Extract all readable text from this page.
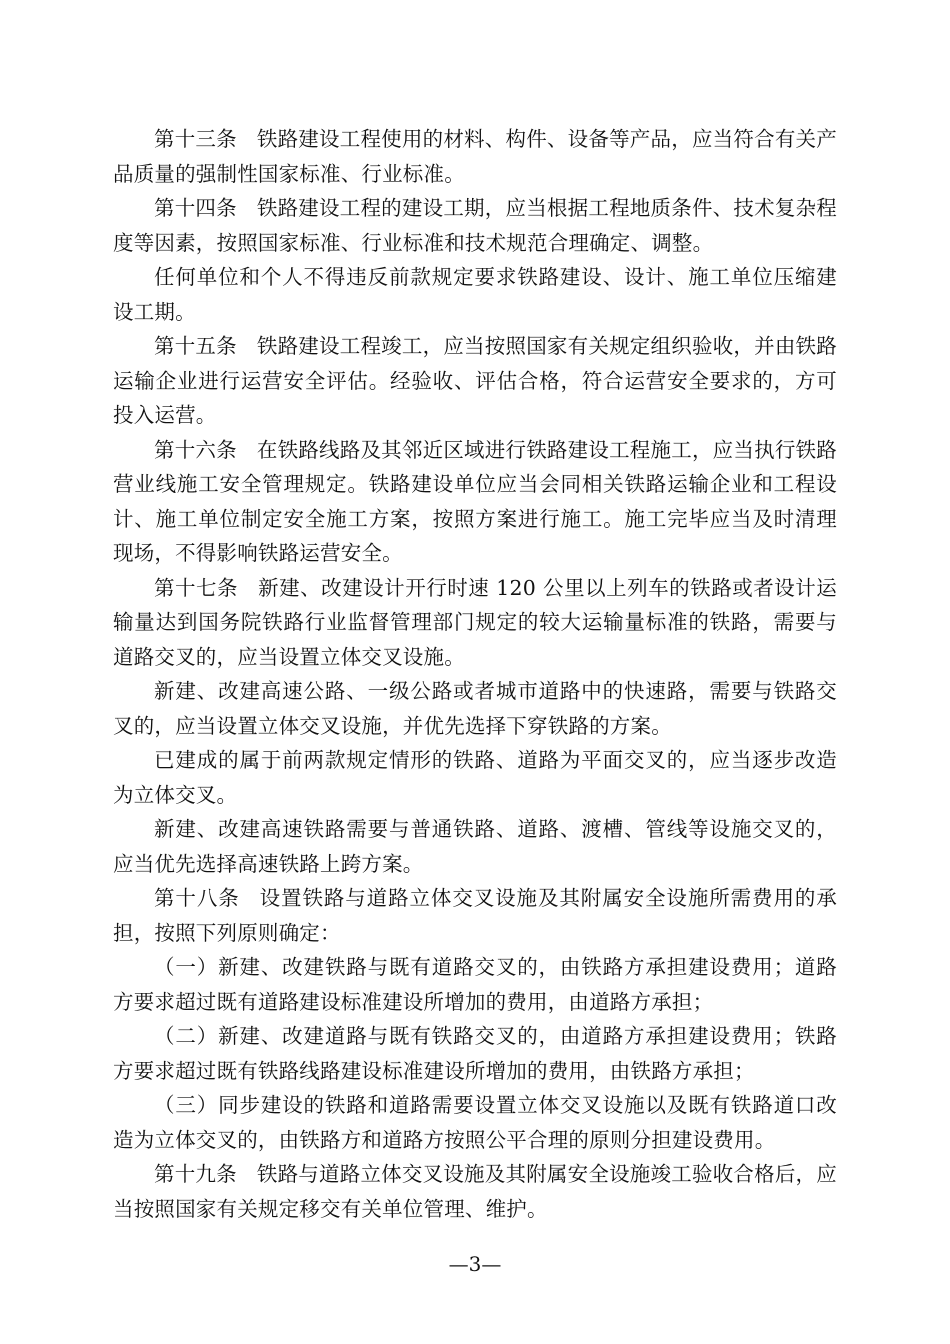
第十三条 铁路建设工程使用的材料、构件、设备等产品，应当符合有关产品质量的强制性国家标准、行业标准。

第十四条 铁路建设工程的建设工期，应当根据工程地质条件、技术复杂程度等因素，按照国家标准、行业标准和技术规范合理确定、调整。

任何单位和个人不得违反前款规定要求铁路建设、设计、施工单位压缩建设工期。

第十五条 铁路建设工程竣工，应当按照国家有关规定组织验收，并由铁路运输企业进行运营安全评估。经验收、评估合格，符合运营安全要求的，方可投入运营。

第十六条 在铁路线路及其邻近区域进行铁路建设工程施工，应当执行铁路营业线施工安全管理规定。铁路建设单位应当会同相关铁路运输企业和工程设计、施工单位制定安全施工方案，按照方案进行施工。施工完毕应当及时清理现场，不得影响铁路运营安全。

第十七条 新建、改建设计开行时速 120 公里以上列车的铁路或者设计运输量达到国务院铁路行业监督管理部门规定的较大运输量标准的铁路，需要与道路交叉的，应当设置立体交叉设施。

新建、改建高速公路、一级公路或者城市道路中的快速路，需要与铁路交叉的，应当设置立体交叉设施，并优先选择下穿铁路的方案。

已建成的属于前两款规定情形的铁路、道路为平面交叉的，应当逐步改造为立体交叉。

新建、改建高速铁路需要与普通铁路、道路、渡槽、管线等设施交叉的，应当优先选择高速铁路上跨方案。

第十八条 设置铁路与道路立体交叉设施及其附属安全设施所需费用的承担，按照下列原则确定：

（一）新建、改建铁路与既有道路交叉的，由铁路方承担建设费用；道路方要求超过既有道路建设标准建设所增加的费用，由道路方承担；

（二）新建、改建道路与既有铁路交叉的，由道路方承担建设费用；铁路方要求超过既有铁路线路建设标准建设所增加的费用，由铁路方承担；

（三）同步建设的铁路和道路需要设置立体交叉设施以及既有铁路道口改造为立体交叉的，由铁路方和道路方按照公平合理的原则分担建设费用。

第十九条 铁路与道路立体交叉设施及其附属安全设施竣工验收合格后，应当按照国家有关规定移交有关单位管理、维护。

—3—
